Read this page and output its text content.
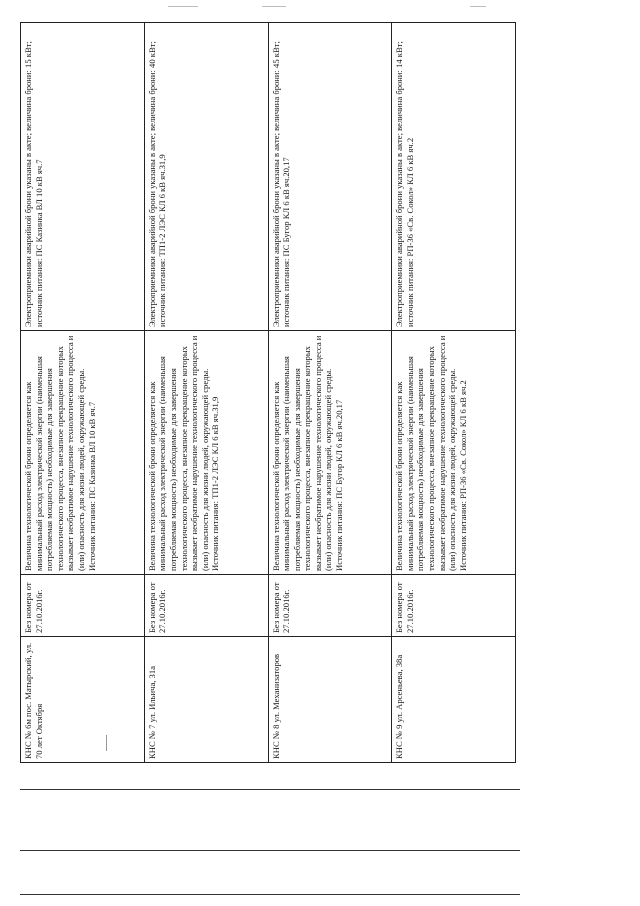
КНС № 6м пос. Матырский, ул. 70 лет Октября	Без номера от 27.10.2016г.	Величина технологической брони определяется как минимальный расход электрической энергии (наименьшая потребляемая мощность) необходимые для завершения технологического процесса, внезапное прекращение которых вызывает необратимое нарушение технологического процесса и (или) опасность для жизни людей, окружающей среды. Источник питания: ПС Казинка ВЛ 10 кВ яч.7	Электроприемники аварийной брони указаны в акте; величина брони: 15 кВт; источник питания: ПС Казинка ВЛ 10 кВ яч.7
КНС № 7 ул. Ильича, 31а	Без номера от 27.10.2016г.	Величина технологической брони определяется как минимальный расход электрической энергии (наименьшая потребляемая мощность) необходимые для завершения технологического процесса, внезапное прекращение которых вызывает необратимое нарушение технологического процесса и (или) опасность для жизни людей, окружающей среды. Источник питания: ТП1-2 ЛЭС КЛ 6 кВ яч.31,9	Электроприемники аварийной брони указаны в акте; величина брони: 40 кВт; источник питания: ТП1-2 ЛЭС КЛ 6 кВ яч.31,9
КНС № 8 ул. Механизаторов	Без номера от 27.10.2016г.	Величина технологической брони определяется как минимальный расход электрической энергии (наименьшая потребляемая мощность) необходимые для завершения технологического процесса, внезапное прекращение которых вызывает необратимое нарушение технологического процесса и (или) опасность для жизни людей, окружающей среды. Источник питания: ПС Бугор КЛ 6 кВ яч.20,17	Электроприемники аварийной брони указаны в акте; величина брони: 45 кВт; источник питания: ПС Бугор КЛ 6 кВ яч.20,17
КНС № 9 ул. Арсеньева, 38а	Без номера от 27.10.2016г.	Величина технологической брони определяется как минимальный расход электрической энергии (наименьшая потребляемая мощность) необходимые для завершения технологического процесса, внезапное прекращение которых вызывает необратимое нарушение технологического процесса и (или) опасность для жизни людей, окружающей среды. Источник питания: РП-36 «Св. Сокол» КЛ 6 кВ яч.2	Электроприемники аварийной брони указаны в акте; величина брони: 14 кВт; источник питания: РП-36 «Св. Сокол» КЛ 6 кВ яч.2
